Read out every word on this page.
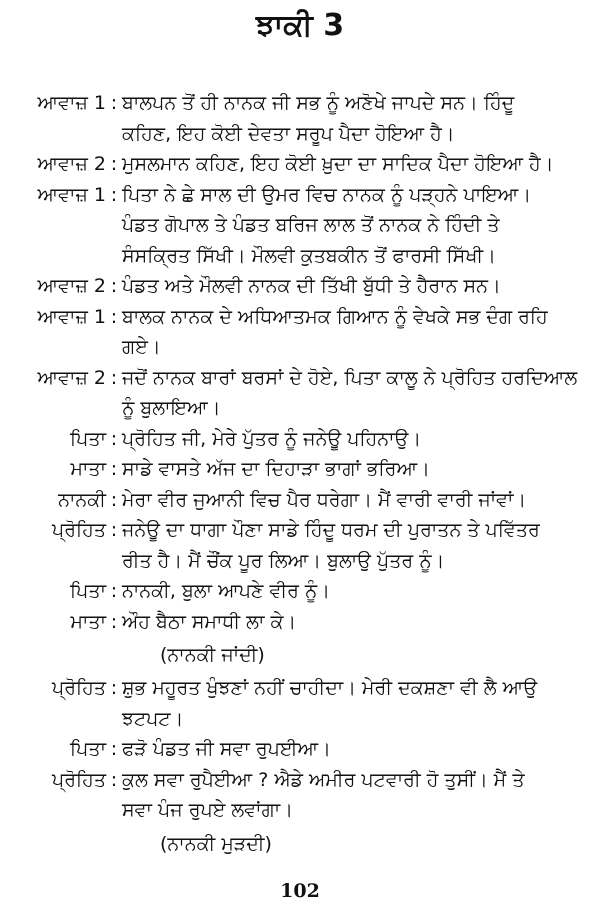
ਝਾਕੀ 3
ਆਵਾਜ਼ 1 : ਬਾਲਪਨ ਤੋਂ ਹੀ ਨਾਨਕ ਜੀ ਸਭ ਨੂੰ ਅਣੋਖੇ ਜਾਪਦੇ ਸਨ। ਹਿੰਦੂ
ਕਹਿਣ, ਇਹ ਕੋਈ ਦੇਵਤਾ ਸਰੂਪ ਪੈਦਾ ਹੋਇਆ ਹੈ।
ਆਵਾਜ਼ 2 : ਮੁਸਲਮਾਨ ਕਹਿਣ, ਇਹ ਕੋਈ ਖ਼ੁਦਾ ਦਾ ਸਾਦਿਕ ਪੈਦਾ ਹੋਇਆ ਹੈ।
ਆਵਾਜ਼ 1 : ਪਿਤਾ ਨੇ ਛੇ ਸਾਲ ਦੀ ਉਮਰ ਵਿਚ ਨਾਨਕ ਨੂੰ ਪੜ੍ਹਨੇ ਪਾਇਆ।
ਪੰਡਤ ਗੋਪਾਲ ਤੇ ਪੰਡਤ ਬਰਿਜ ਲਾਲ ਤੋਂ ਨਾਨਕ ਨੇ ਹਿੰਦੀ ਤੇ
ਸੰਸਕ੍ਰਿਤ ਸਿੱਖੀ। ਮੌਲਵੀ ਕੁਤਬਕੀਨ ਤੋਂ ਫਾਰਸੀ ਸਿੱਖੀ।
ਆਵਾਜ਼ 2 : ਪੰਡਤ ਅਤੇ ਮੌਲਵੀ ਨਾਨਕ ਦੀ ਤਿੱਖੀ ਬੁੱਧੀ ਤੇ ਹੈਰਾਨ ਸਨ।
ਆਵਾਜ਼ 1 : ਬਾਲਕ ਨਾਨਕ ਦੇ ਅਧਿਆਤਮਕ ਗਿਆਨ ਨੂੰ ਵੇਖਕੇ ਸਭ ਦੰਗ ਰਹਿ
ਗਏ।
ਆਵਾਜ਼ 2 : ਜਦੋਂ ਨਾਨਕ ਬਾਰਾਂ ਬਰਸਾਂ ਦੇ ਹੋਏ, ਪਿਤਾ ਕਾਲੂ ਨੇ ਪ੍ਰੋਹਿਤ ਹਰਦਿਆਲ
ਨੂੰ ਬੁਲਾਇਆ।
ਪਿਤਾ : ਪ੍ਰੋਹਿਤ ਜੀ, ਮੇਰੇ ਪੁੱਤਰ ਨੂੰ ਜਨੇਊ ਪਹਿਨਾਉ।
ਮਾਤਾ : ਸਾਡੇ ਵਾਸਤੇ ਅੱਜ ਦਾ ਦਿਹਾੜਾ ਭਾਗਾਂ ਭਰਿਆ।
ਨਾਨਕੀ : ਮੇਰਾ ਵੀਰ ਜੁਆਨੀ ਵਿਚ ਪੈਰ ਧਰੇਗਾ। ਮੈਂ ਵਾਰੀ ਵਾਰੀ ਜਾਂਵਾਂ।
ਪ੍ਰੋਹਿਤ : ਜਨੇਊ ਦਾ ਧਾਗਾ ਪੌਣਾ ਸਾਡੇ ਹਿੰਦੂ ਧਰਮ ਦੀ ਪੁਰਾਤਨ ਤੇ ਪਵਿੱਤਰ
ਰੀਤ ਹੈ। ਮੈਂ ਚੌਂਕ ਪੂਰ ਲਿਆ। ਬੁਲਾਉ ਪੁੱਤਰ ਨੂੰ।
ਪਿਤਾ : ਨਾਨਕੀ, ਬੁਲਾ ਆਪਣੇ ਵੀਰ ਨੂੰ।
ਮਾਤਾ : ਔਹ ਬੈਠਾ ਸਮਾਧੀ ਲਾ ਕੇ।
(ਨਾਨਕੀ ਜਾਂਦੀ)
ਪ੍ਰੋਹਿਤ : ਸ਼ੁਭ ਮਹੂਰਤ ਖੁੰਝਣਾਂ ਨਹੀਂ ਚਾਹੀਦਾ। ਮੇਰੀ ਦਕਸ਼ਣਾ ਵੀ ਲੈ ਆਉ
ਝਟਪਟ।
ਪਿਤਾ : ਫੜੋ ਪੰਡਤ ਜੀ ਸਵਾ ਰੁਪਈਆ।
ਪ੍ਰੋਹਿਤ : ਕੁਲ ਸਵਾ ਰੁਪੈਈਆ ? ਐਡੇ ਅਮੀਰ ਪਟਵਾਰੀ ਹੋ ਤੁਸੀਂ। ਮੈਂ ਤੇ
ਸਵਾ ਪੰਜ ਰੁਪਏ ਲਵਾਂਗਾ।
(ਨਾਨਕੀ ਮੁੜਦੀ)
102
